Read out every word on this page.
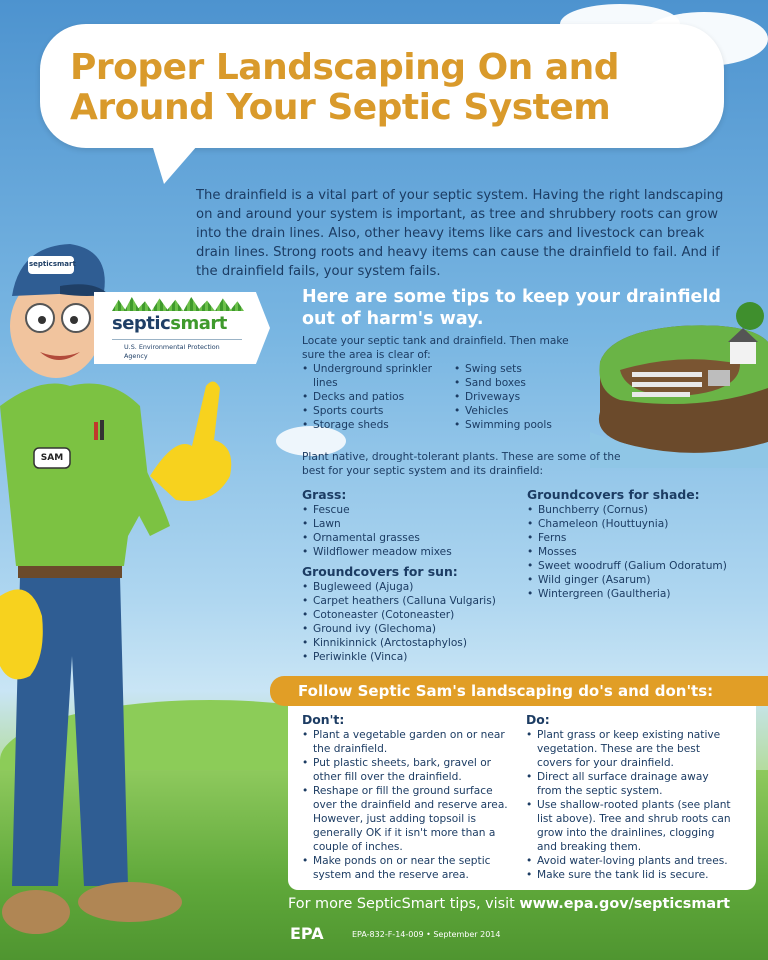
Proper Landscaping On and Around Your Septic System

The drainfield is a vital part of your septic system. Having the right landscaping on and around your system is important, as tree and shrubbery roots can grow into the drain lines. Also, other heavy items like cars and livestock can break drain lines. Strong roots and heavy items can cause the drainfield to fail. And if the drainfield fails, your system fails.

Here are some tips to keep your drainfield out of harm's way.

Locate your septic tank and drainfield. Then make sure the area is clear of:

• Underground sprinkler lines
• Decks and patios
• Sports courts
• Storage sheds
• Swing sets
• Sand boxes
• Driveways
• Vehicles
• Swimming pools

Plant native, drought-tolerant plants. These are some of the best for your septic system and its drainfield:

Grass:
• Fescue
• Lawn
• Ornamental grasses
• Wildflower meadow mixes
Groundcovers for sun:
• Bugleweed (Ajuga)
• Carpet heathers (Calluna Vulgaris)
• Cotoneaster (Cotoneaster)
• Ground ivy (Glechoma)
• Kinnikinnick (Arctostaphylos)
• Periwinkle (Vinca)
Groundcovers for shade:
• Bunchberry (Cornus)
• Chameleon (Houttuynia)
• Ferns
• Mosses
• Sweet woodruff (Galium Odoratum)
• Wild ginger (Asarum)
• Wintergreen (Gaultheria)
Follow Septic Sam's landscaping do's and don'ts:
Don't:
• Plant a vegetable garden on or near the drainfield.
• Put plastic sheets, bark, gravel or other fill over the drainfield.
• Reshape or fill the ground surface over the drainfield and reserve area. However, just adding topsoil is generally OK if it isn't more than a couple of inches.
• Make ponds on or near the septic system and the reserve area.
Do:
• Plant grass or keep existing native vegetation. These are the best covers for your drainfield.
• Direct all surface drainage away from the septic system.
• Use shallow-rooted plants (see plant list above). Tree and shrub roots can grow into the drainlines, clogging and breaking them.
• Avoid water-loving plants and trees.
• Make sure the tank lid is secure.
For more SepticSmart tips, visit www.epa.gov/septicsmart
EPA	EPA-832-F-14-009 • September 2014
septicsmart
SAM
septicsmart
U.S. Environmental Protection Agency
